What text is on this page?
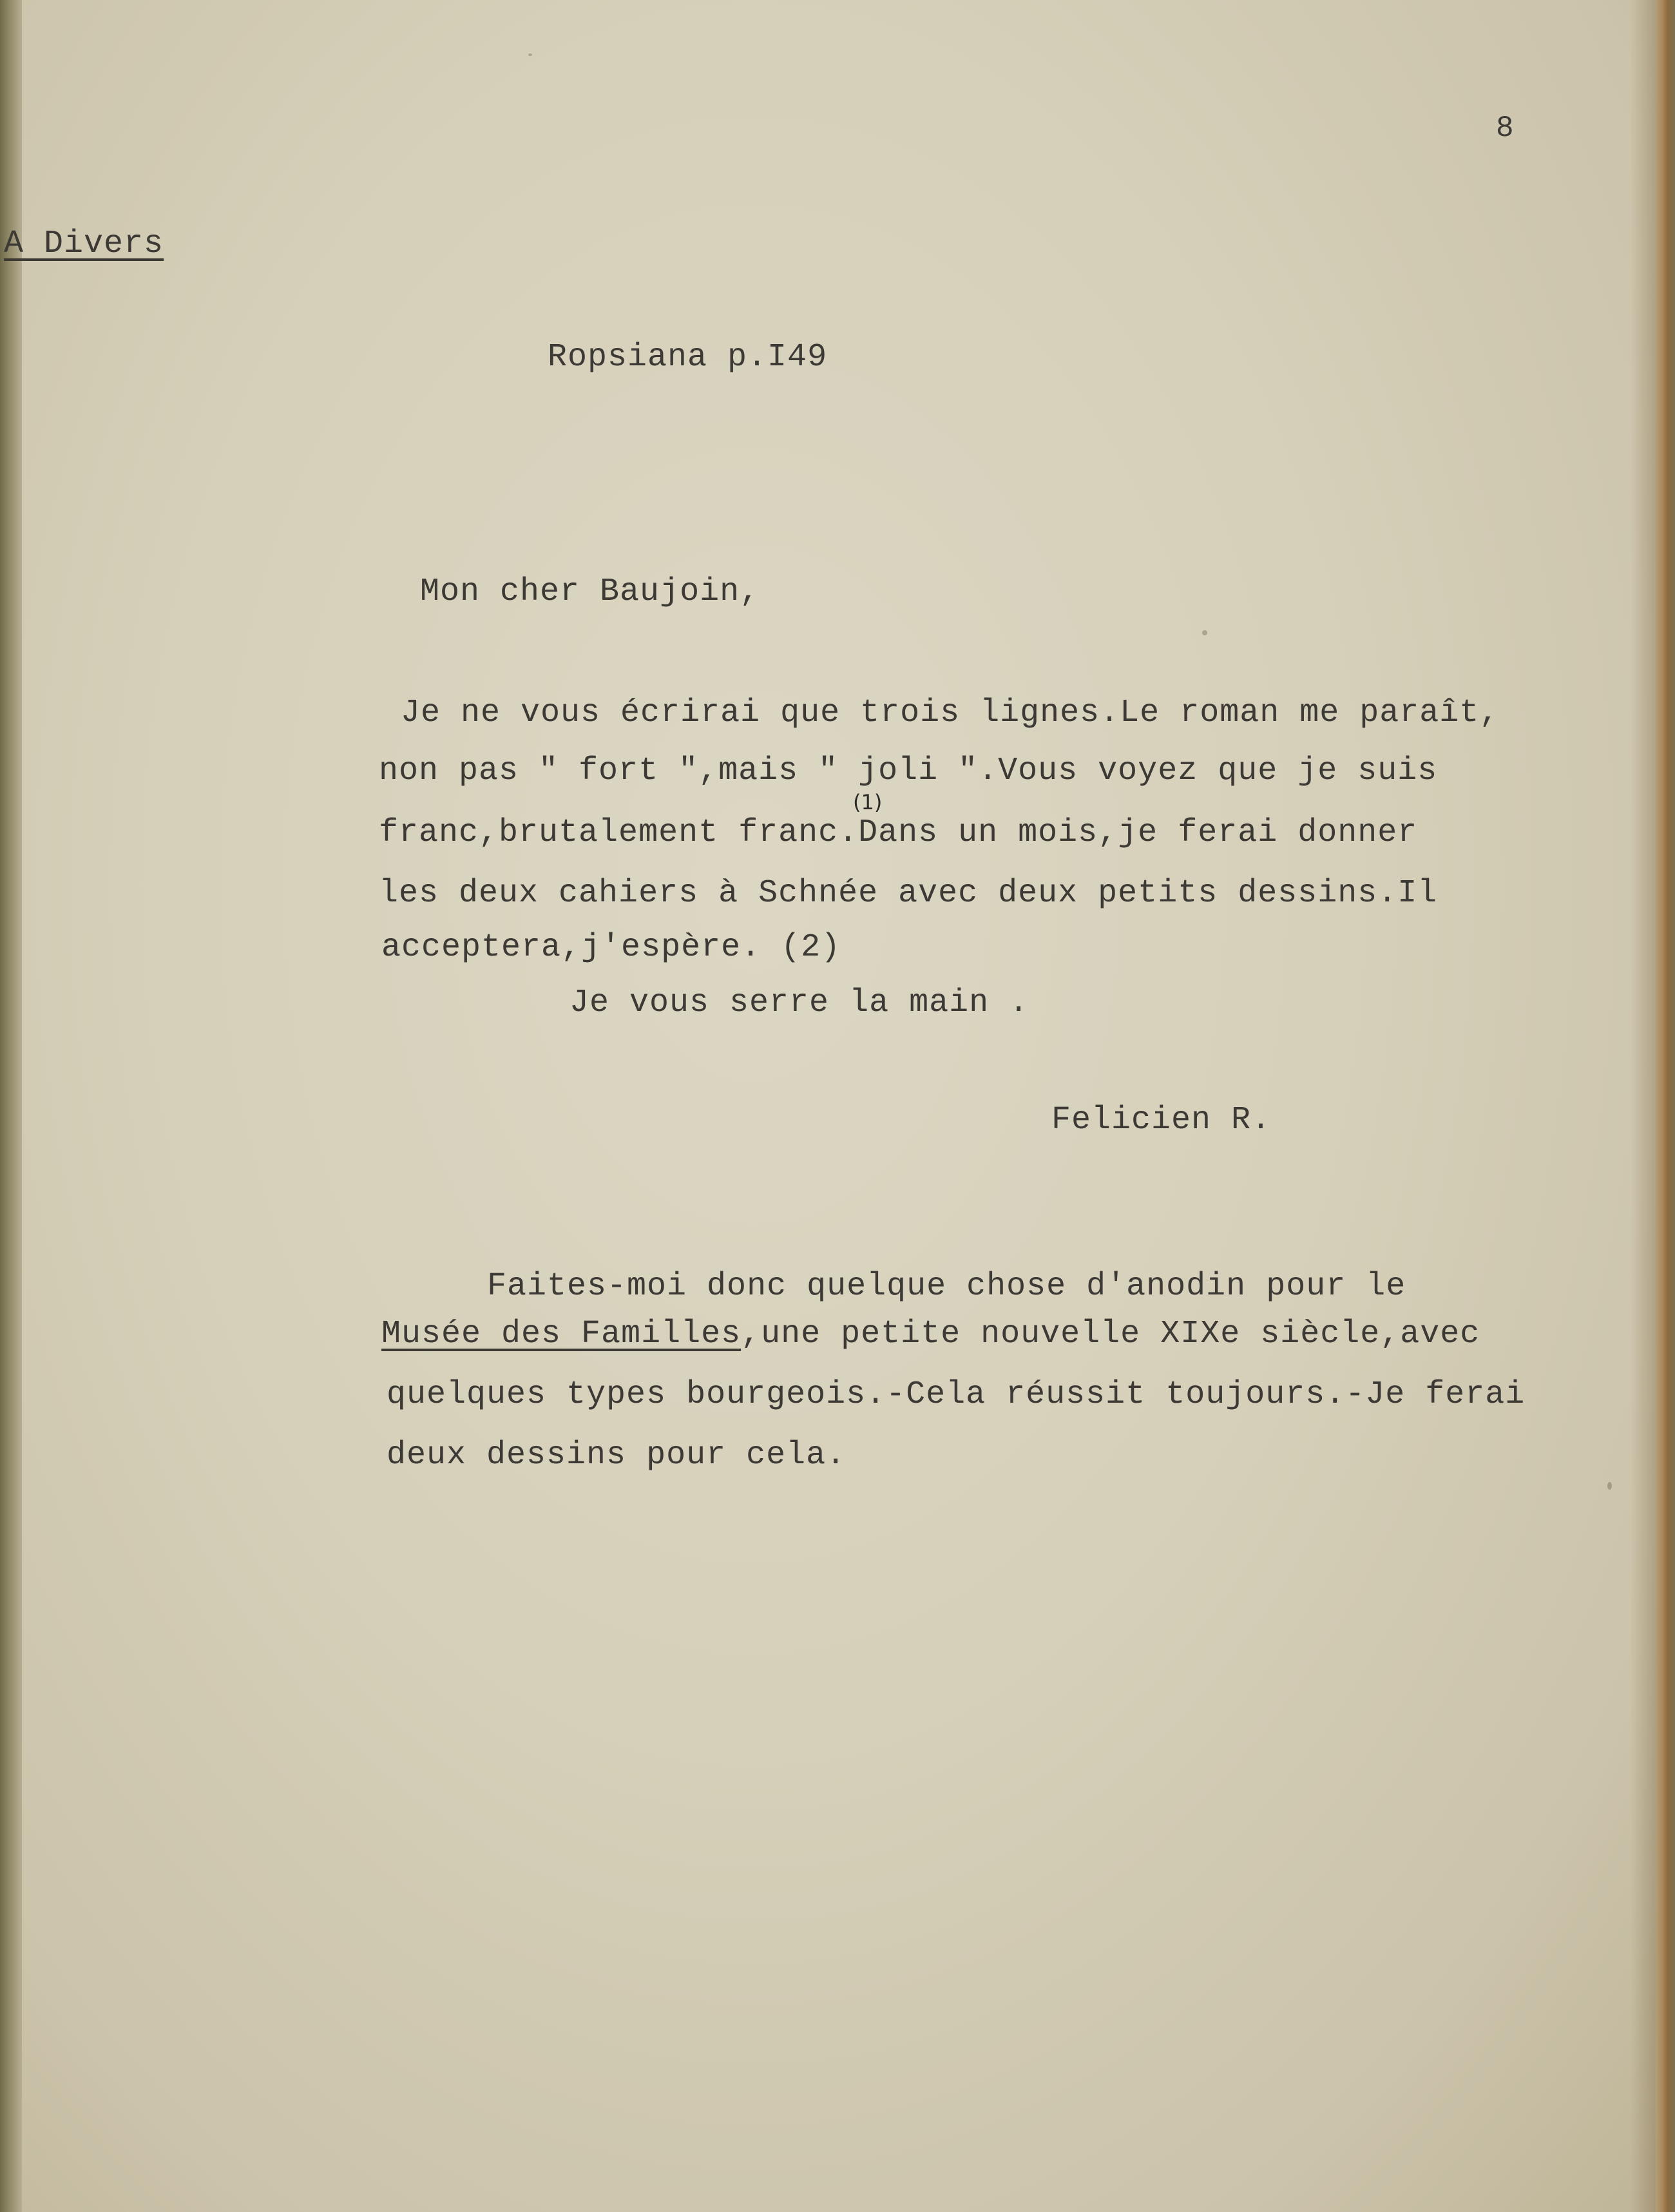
8
A Divers
Ropsiana p.I49
Mon cher Baujoin,
Je ne vous écrirai que trois lignes.Le roman me paraît,
non pas " fort ",mais " joli ".Vous voyez que je suis
(1)
franc,brutalement franc.Dans un mois,je ferai donner
les deux cahiers à Schnée avec deux petits dessins.Il
acceptera,j'espère. (2)
Je vous serre la main .
Felicien R.
Faites-moi donc quelque chose d'anodin pour le
Musée des Familles,une petite nouvelle XIXe siècle,avec
quelques types bourgeois.-Cela réussit toujours.-Je ferai
deux dessins pour cela.
